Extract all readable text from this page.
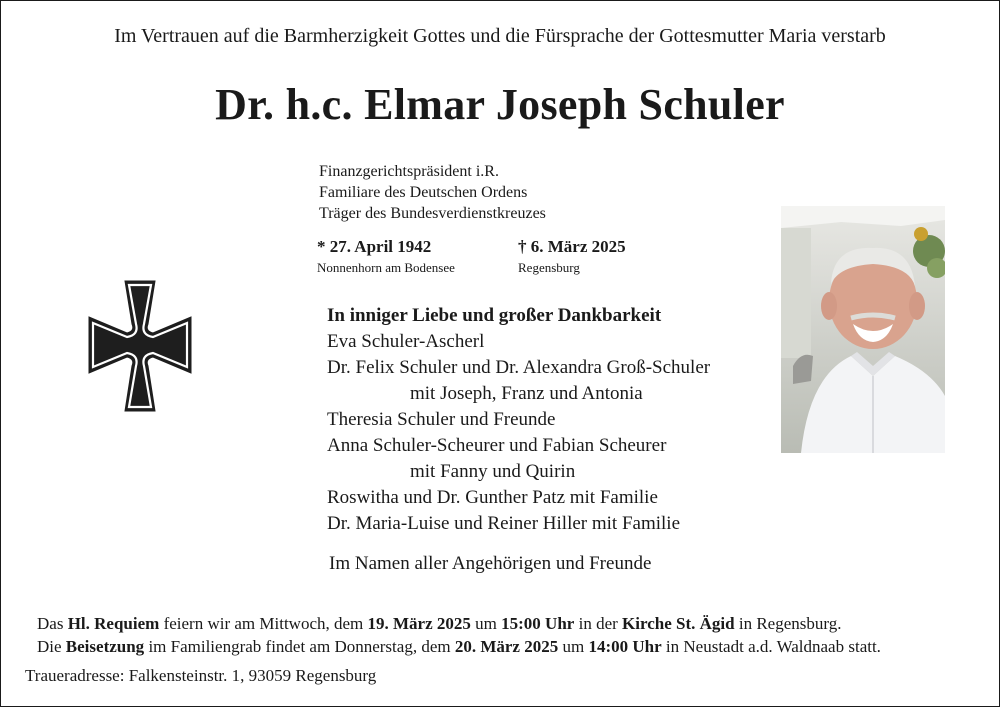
Im Vertrauen auf die Barmherzigkeit Gottes und die Fürsprache der Gottesmutter Maria verstarb
Dr. h.c. Elmar Joseph Schuler
Finanzgerichtspräsident i.R.
Familiare des Deutschen Ordens
Träger des Bundesverdienstkreuzes
* 27. April 1942
Nonnenhorn am Bodensee
† 6. März 2025
Regensburg
In inniger Liebe und großer Dankbarkeit
Eva Schuler-Ascherl
Dr. Felix Schuler und Dr. Alexandra Groß-Schuler
mit Joseph, Franz und Antonia
Theresia Schuler und Freunde
Anna Schuler-Scheurer und Fabian Scheurer
mit Fanny und Quirin
Roswitha und Dr. Gunther Patz mit Familie
Dr. Maria-Luise und Reiner Hiller mit Familie
Im Namen aller Angehörigen und Freunde
Das Hl. Requiem feiern wir am Mittwoch, dem 19. März 2025 um 15:00 Uhr in der Kirche St. Ägid in Regensburg.
Die Beisetzung im Familiengrab findet am Donnerstag, dem 20. März 2025 um 14:00 Uhr in Neustadt a.d. Waldnaab statt.
Traueradresse: Falkensteinstr. 1, 93059 Regensburg
